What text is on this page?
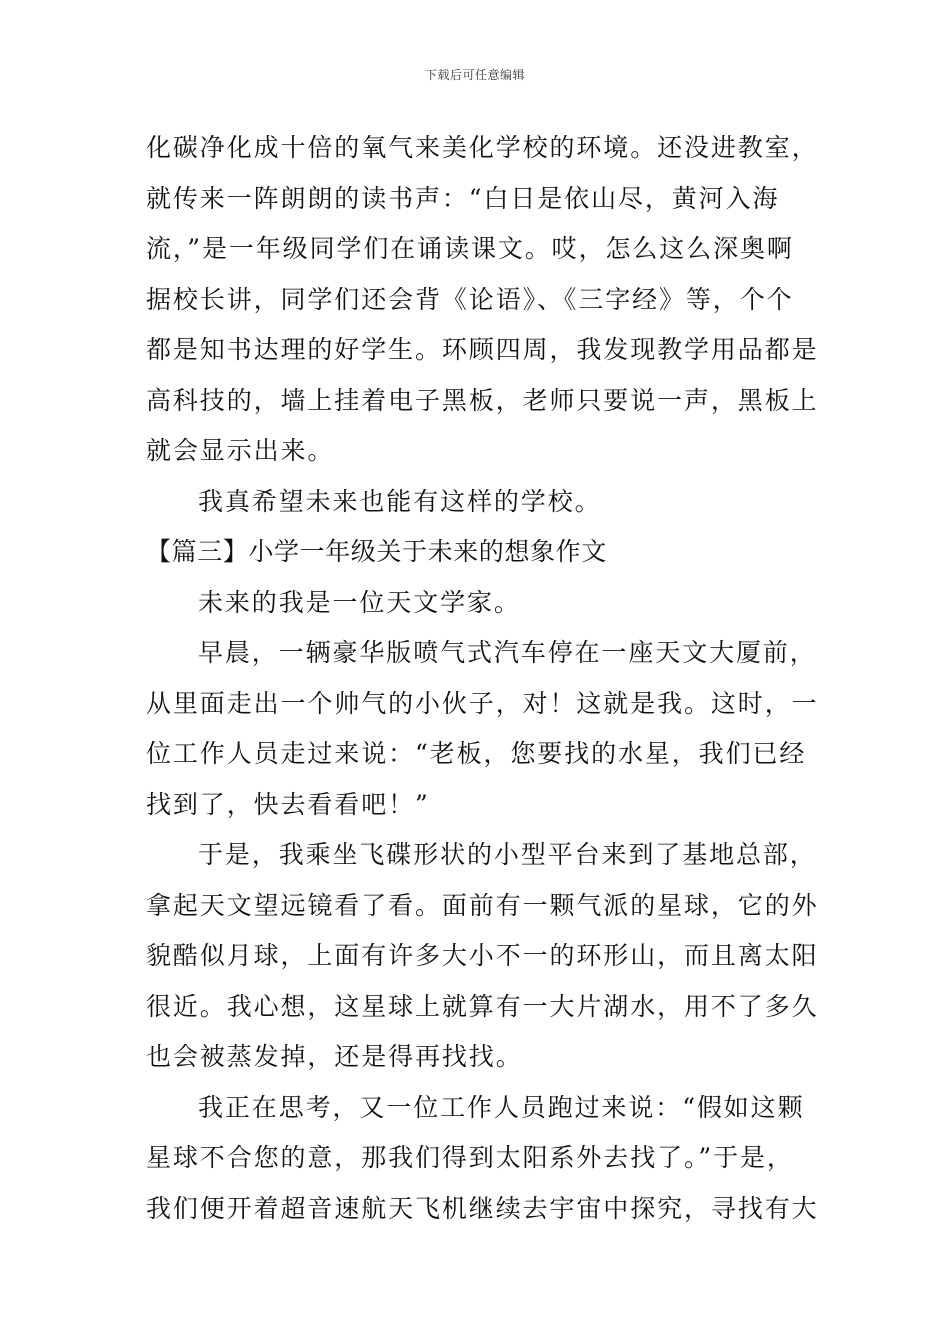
下载后可任意编辑
化碳净化成十倍的氧气来美化学校的环境。还没进教室，
就传来一阵朗朗的读书声：“白日是依山尽，黄河入海
流，”是一年级同学们在诵读课文。哎，怎么这么深奥啊
据校长讲，同学们还会背《论语》、《三字经》等，个个
都是知书达理的好学生。环顾四周，我发现教学用品都是
高科技的，墙上挂着电子黑板，老师只要说一声，黑板上
就会显示出来。
我真希望未来也能有这样的学校。
【篇三】小学一年级关于未来的想象作文
未来的我是一位天文学家。
早晨，一辆豪华版喷气式汽车停在一座天文大厦前，
从里面走出一个帅气的小伙子，对！这就是我。这时，一
位工作人员走过来说：“老板，您要找的水星，我们已经
找到了，快去看看吧！”
于是，我乘坐飞碟形状的小型平台来到了基地总部，
拿起天文望远镜看了看。面前有一颗气派的星球，它的外
貌酷似月球，上面有许多大小不一的环形山，而且离太阳
很近。我心想，这星球上就算有一大片湖水，用不了多久
也会被蒸发掉，还是得再找找。
我正在思考，又一位工作人员跑过来说：“假如这颗
星球不合您的意，那我们得到太阳系外去找了。”于是，
我们便开着超音速航天飞机继续去宇宙中探究，寻找有大
